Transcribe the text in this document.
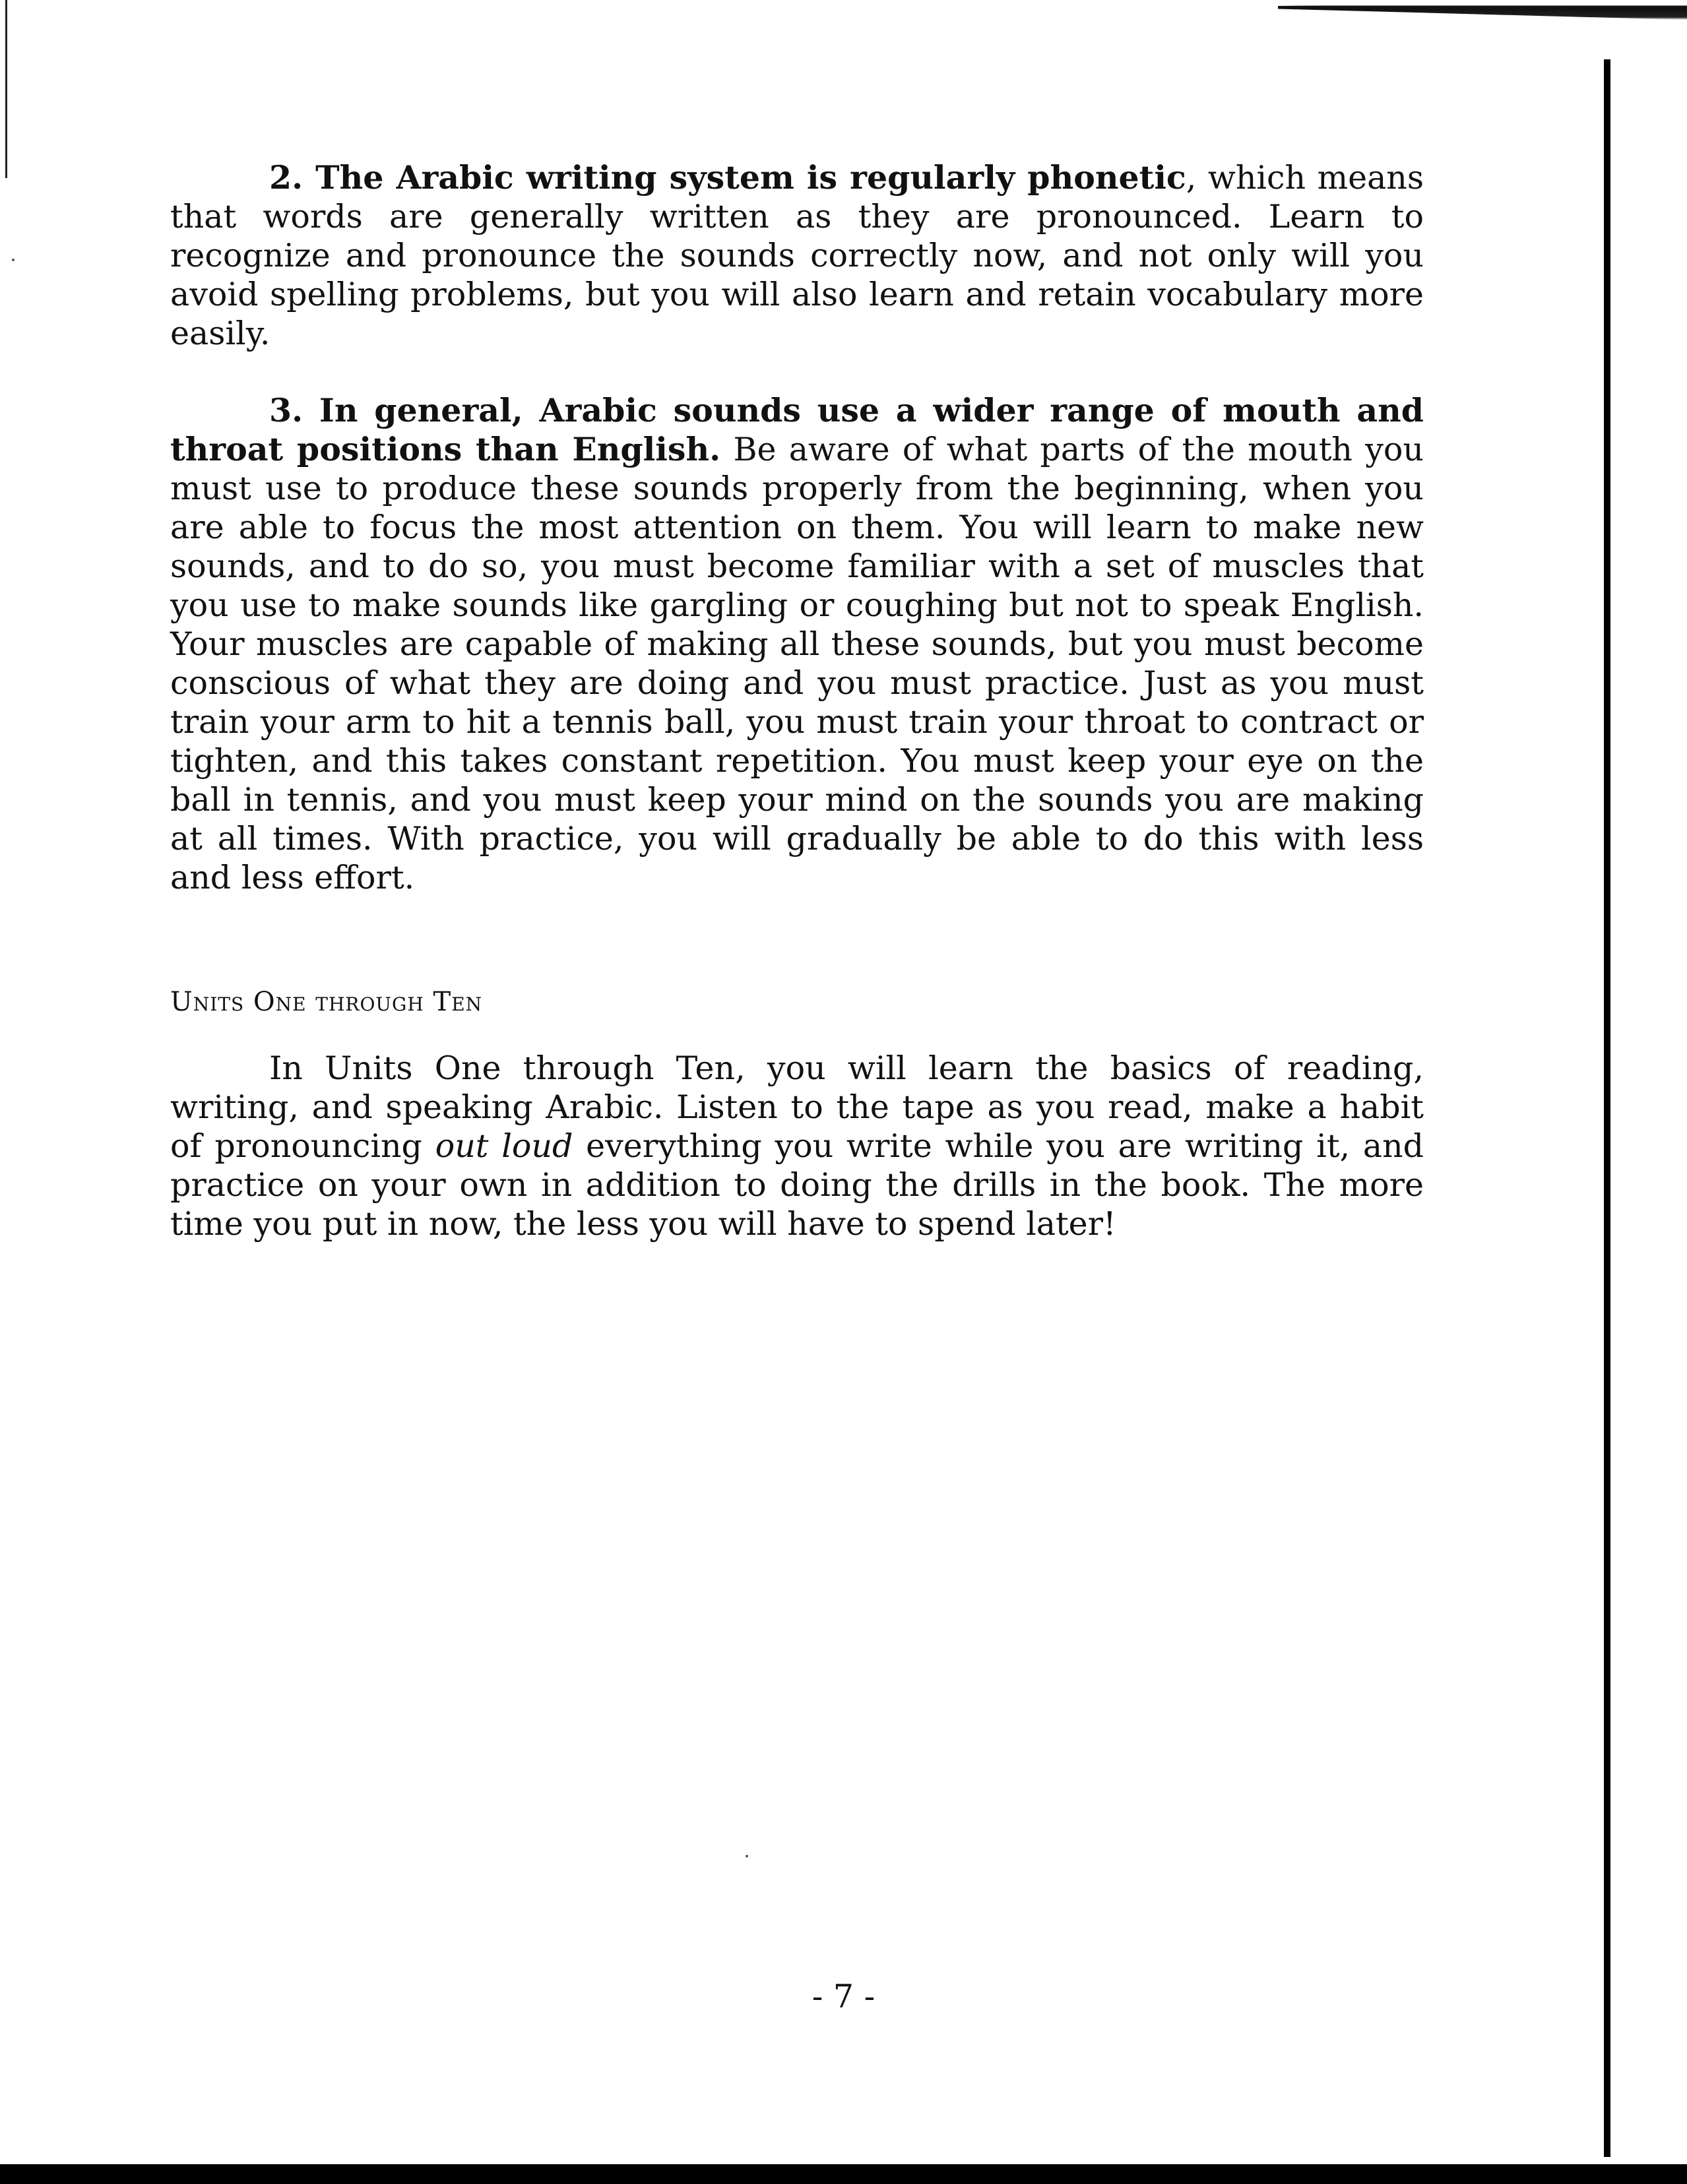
2. The Arabic writing system is regularly phonetic, which means that words are generally written as they are pronounced. Learn to recognize and pronounce the sounds correctly now, and not only will you avoid spelling problems, but you will also learn and retain vocabulary more easily.

3. In general, Arabic sounds use a wider range of mouth and throat positions than English. Be aware of what parts of the mouth you must use to produce these sounds properly from the beginning, when you are able to focus the most attention on them. You will learn to make new sounds, and to do so, you must become familiar with a set of muscles that you use to make sounds like gargling or coughing but not to speak English. Your muscles are capable of making all these sounds, but you must become conscious of what they are doing and you must practice. Just as you must train your arm to hit a tennis ball, you must train your throat to contract or tighten, and this takes constant repetition. You must keep your eye on the ball in tennis, and you must keep your mind on the sounds you are making at all times. With practice, you will gradually be able to do this with less and less effort.

Units One through Ten

In Units One through Ten, you will learn the basics of reading, writing, and speaking Arabic. Listen to the tape as you read, make a habit of pronouncing out loud everything you write while you are writing it, and practice on your own in addition to doing the drills in the book. The more time you put in now, the less you will have to spend later!

- 7 -
